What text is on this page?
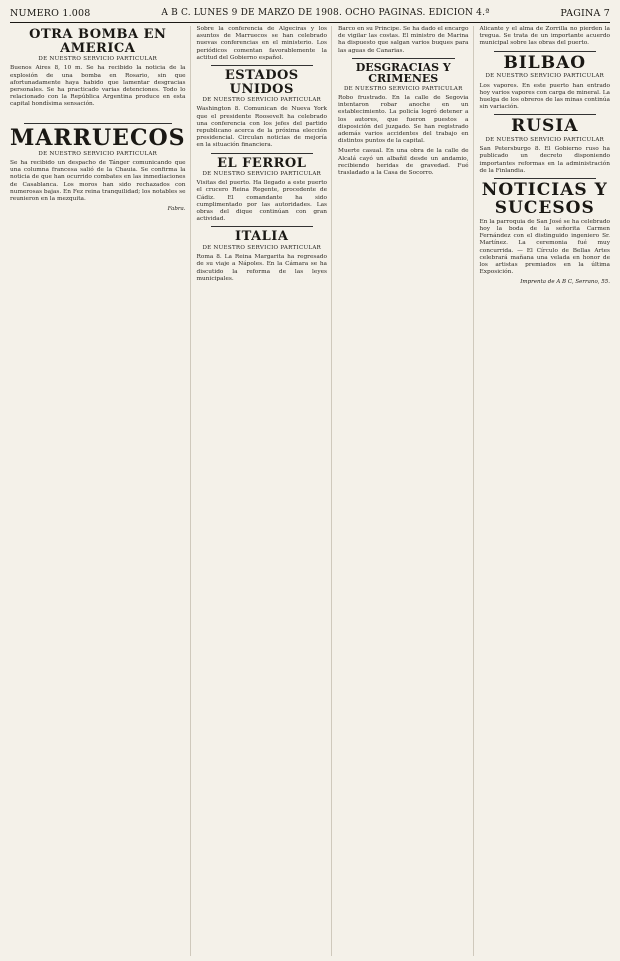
NUMERO 1.008	A B C. LUNES 9 DE MARZO DE 1908. OCHO PAGINAS. EDICION 4.ª	PAGINA 7
OTRA BOMBA EN AMERICA
DE NUESTRO SERVICIO PARTICULAR

Buenos Aires 8, 10 m. Se ha recibido la noticia de la explosión de una bomba en Rosario, sin que afortunadamente haya habido que lamentar desgracias personales. Se ha practicado varias detenciones. Todo lo relacionado con la República Argentina produce en esta capital hondísima sensación.

MARRUECOS
DE NUESTRO SERVICIO PARTICULAR

Se ha recibido un despacho de Tánger comunicando que una columna francesa salió de la Chauia. Se confirma la noticia de que han ocurrido combates en las inmediaciones de Casablanca. Los moros han sido rechazados con numerosas bajas. En Fez reina tranquilidad; los notables se reunieron en la mezquita.

Fabra.

Sobre la conferencia de Algeciras y los asuntos de Marruecos se han celebrado nuevas conferencias en el ministerio. Los periódicos comentan favorablemente la actitud del Gobierno español.

ESTADOS UNIDOS
DE NUESTRO SERVICIO PARTICULAR

Washington 8. Comunican de Nueva York que el presidente Roosevelt ha celebrado una conferencia con los jefes del partido republicano acerca de la próxima elección presidencial. Circulan noticias de mejoría en la situación financiera.

EL FERROL
DE NUESTRO SERVICIO PARTICULAR

Visitas del puerto. Ha llegado a este puerto el crucero Reina Regente, procedente de Cádiz. El comandante ha sido cumplimentado por las autoridades. Las obras del dique continúan con gran actividad.

ITALIA
DE NUESTRO SERVICIO PARTICULAR

Roma 8. La Reina Margarita ha regresado de su viaje a Nápoles. En la Cámara se ha discutido la reforma de las leyes municipales.

Barco en su Principe. Se ha dado el encargo de vigilar las costas. El ministro de Marina ha dispuesto que salgan varios buques para las aguas de Canarias.

DESGRACIAS Y CRIMENES
DE NUESTRO SERVICIO PARTICULAR

Robo frustrado. En la calle de Segovia intentaron robar anoche en un establecimiento. La policía logró detener a los autores, que fueron puestos a disposición del juzgado. Se han registrado además varios accidentes del trabajo en distintos puntos de la capital.

Muerte casual. En una obra de la calle de Alcalá cayó un albañil desde un andamio, recibiendo heridas de gravedad. Fué trasladado a la Casa de Socorro.

Alicante y el alma de Zorrilla no pierden la tregua. Se trata de un importante acuerdo municipal sobre las obras del puerto.

BILBAO
DE NUESTRO SERVICIO PARTICULAR

Los vapores. En este puerto han entrado hoy varios vapores con carga de mineral. La huelga de los obreros de las minas continúa sin variación.

RUSIA
DE NUESTRO SERVICIO PARTICULAR

San Petersburgo 8. El Gobierno ruso ha publicado un decreto disponiendo importantes reformas en la administración de la Finlandia.

NOTICIAS Y SUCESOS

En la parroquia de San José se ha celebrado hoy la boda de la señorita Carmen Fernández con el distinguido ingeniero Sr. Martínez. La ceremonia fué muy concurrida. — El Círculo de Bellas Artes celebrará mañana una velada en honor de los artistas premiados en la última Exposición.

Imprenta de A B C, Serrano, 55.
